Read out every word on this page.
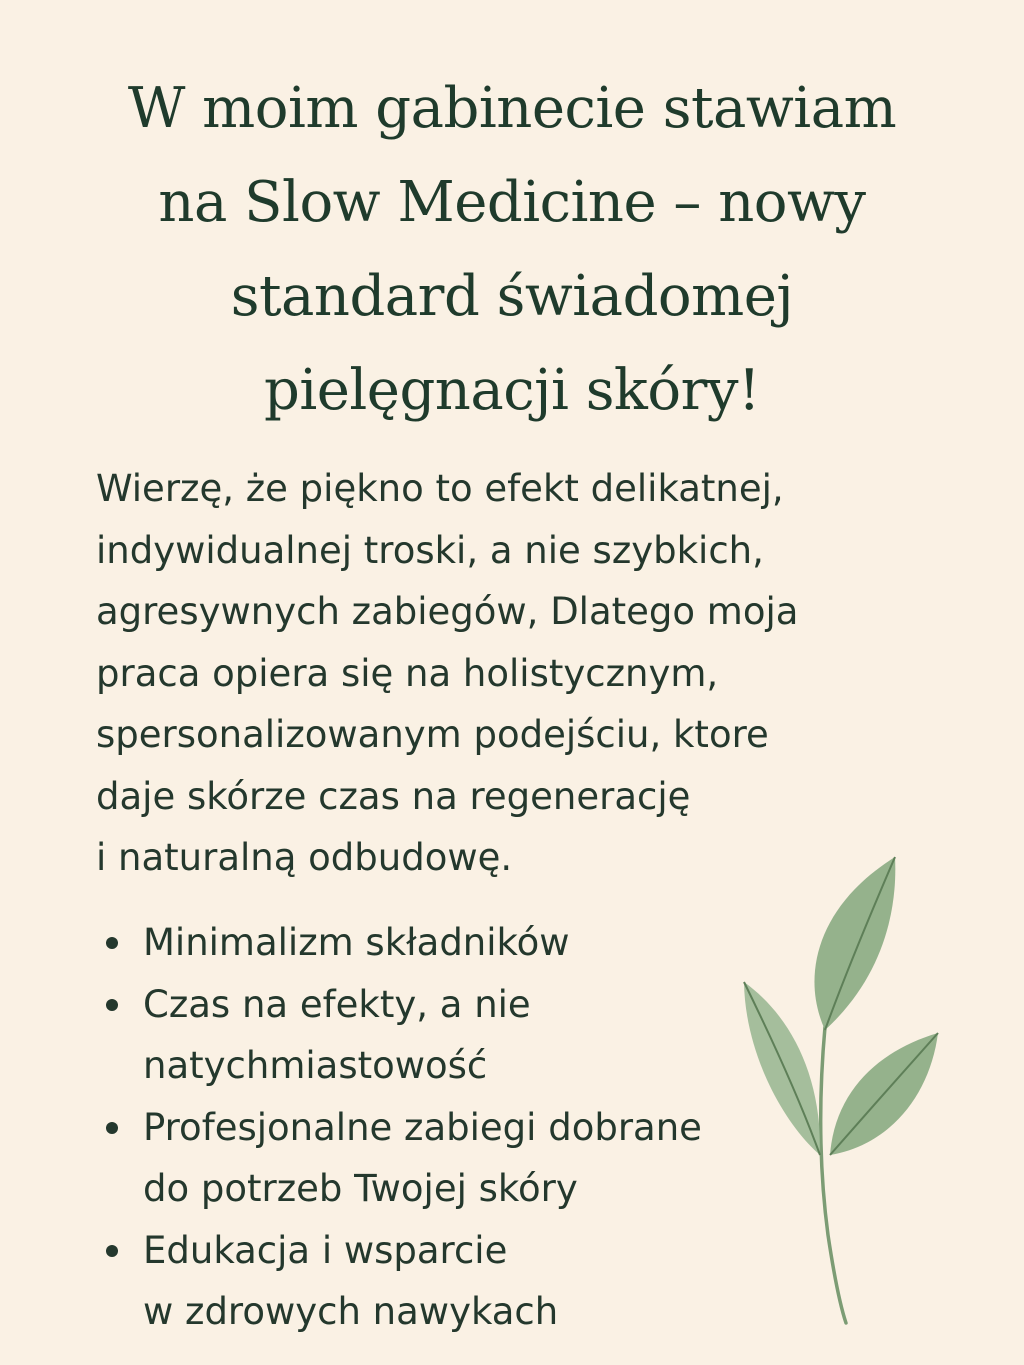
W moim gabinecie stawiam
na Slow Medicine – nowy
standard świadomej
pielęgnacji skóry!

Wierzę, że piękno to efekt delikatnej,
indywidualnej troski, a nie szybkich,
agresywnych zabiegów, Dlatego moja
praca opiera się na holistycznym,
spersonalizowanym podejściu, ktore
daje skórze czas na regenerację
i naturalną odbudowę.

Minimalizm składników
Czas na efekty, a nie
natychmiastowość
Profesjonalne zabiegi dobrane
do potrzeb Twojej skóry
Edukacja i wsparcie
w zdrowych nawykach
